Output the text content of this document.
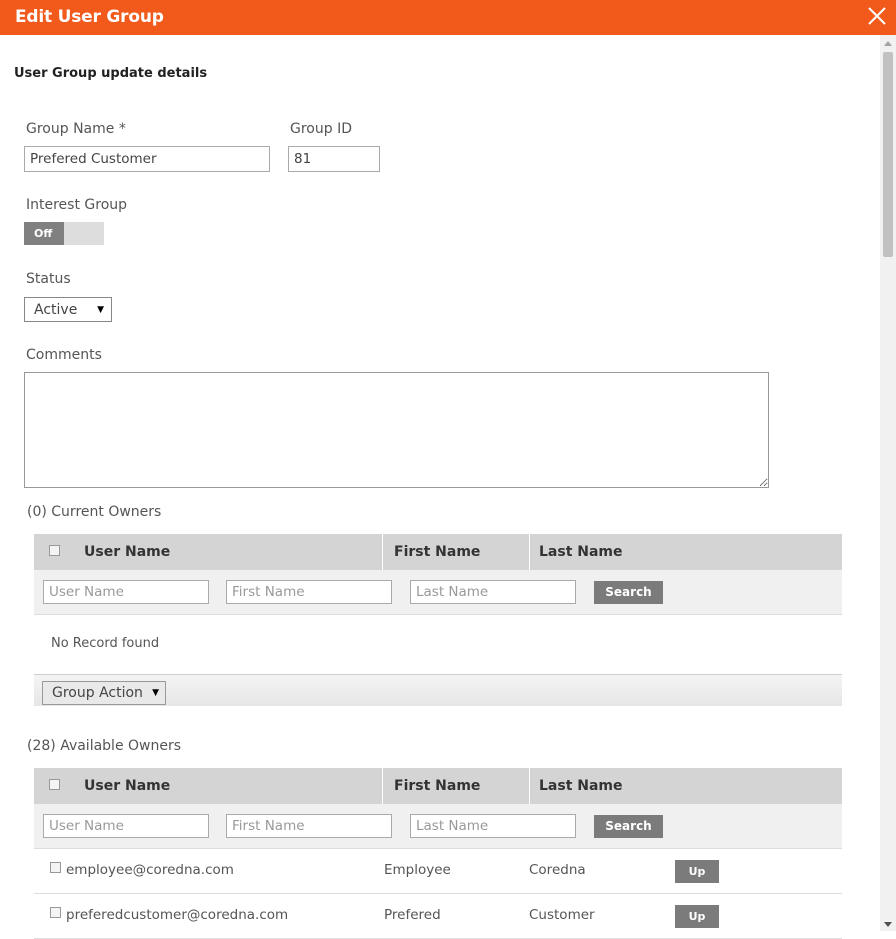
Edit User Group
User Group update details
Group Name *
Prefered Customer	Group ID
81
Interest Group
Off
Status
Active ▼
Comments
(0) Current Owners
User Name	First Name	Last Name
User Name
First Name
Last Name
Search
No Record found
Group Action ▼
(28) Available Owners
User Name	First Name	Last Name
User Name
First Name
Last Name
Search
employee@coredna.com	Employee	Coredna	Up
preferedcustomer@coredna.com	Prefered	Customer	Up
